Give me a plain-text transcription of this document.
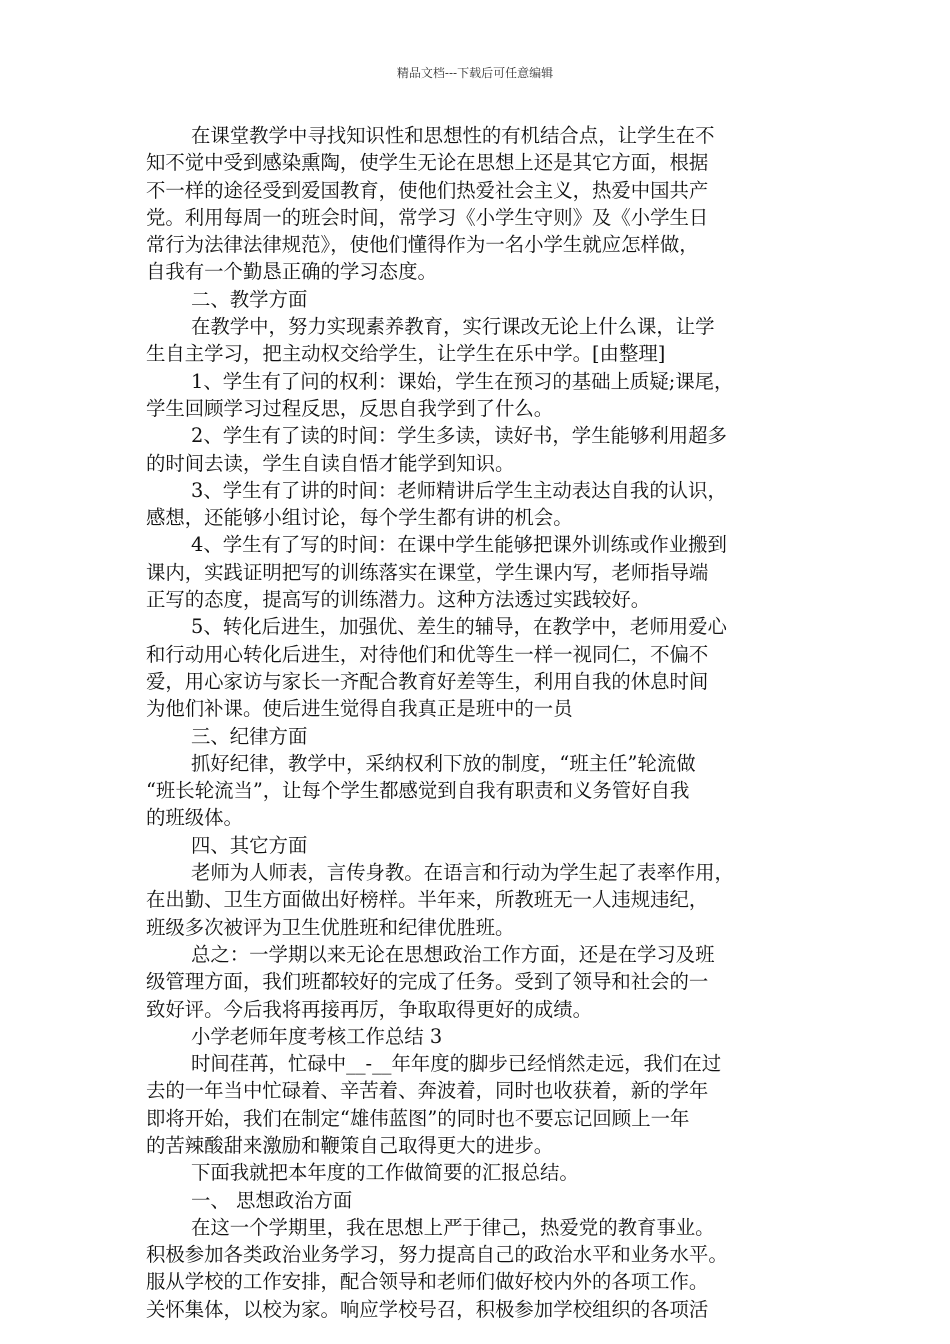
精品文档---下载后可任意编辑
在课堂教学中寻找知识性和思想性的有机结合点，让学生在不
知不觉中受到感染熏陶，使学生无论在思想上还是其它方面，根据
不一样的途径受到爱国教育，使他们热爱社会主义，热爱中国共产
党。利用每周一的班会时间，常学习《小学生守则》及《小学生日
常行为法律法律规范》，使他们懂得作为一名小学生就应怎样做，
自我有一个勤恳正确的学习态度。
二、教学方面
在教学中，努力实现素养教育，实行课改无论上什么课，让学
生自主学习，把主动权交给学生，让学生在乐中学。[由整理]
1、学生有了问的权利：课始，学生在预习的基础上质疑;课尾，
学生回顾学习过程反思，反思自我学到了什么。
2、学生有了读的时间：学生多读，读好书，学生能够利用超多
的时间去读，学生自读自悟才能学到知识。
3、学生有了讲的时间：老师精讲后学生主动表达自我的认识，
感想，还能够小组讨论，每个学生都有讲的机会。
4、学生有了写的时间：在课中学生能够把课外训练或作业搬到
课内，实践证明把写的训练落实在课堂，学生课内写，老师指导端
正写的态度，提高写的训练潜力。这种方法透过实践较好。
5、转化后进生，加强优、差生的辅导，在教学中，老师用爱心
和行动用心转化后进生，对待他们和优等生一样一视同仁，不偏不
爱，用心家访与家长一齐配合教育好差等生，利用自我的休息时间
为他们补课。使后进生觉得自我真正是班中的一员
三、纪律方面
抓好纪律，教学中，采纳权利下放的制度，“班主任”轮流做
“班长轮流当”，让每个学生都感觉到自我有职责和义务管好自我
的班级体。
四、其它方面
老师为人师表，言传身教。在语言和行动为学生起了表率作用，
在出勤、卫生方面做出好榜样。半年来，所教班无一人违规违纪，
班级多次被评为卫生优胜班和纪律优胜班。
总之：一学期以来无论在思想政治工作方面，还是在学习及班
级管理方面，我们班都较好的完成了任务。受到了领导和社会的一
致好评。今后我将再接再厉，争取取得更好的成绩。
小学老师年度考核工作总结 3
时间荏苒，忙碌中__-__年年度的脚步已经悄然走远，我们在过
去的一年当中忙碌着、辛苦着、奔波着，同时也收获着，新的学年
即将开始，我们在制定“雄伟蓝图”的同时也不要忘记回顾上一年
的苦辣酸甜来激励和鞭策自己取得更大的进步。
下面我就把本年度的工作做简要的汇报总结。
一、 思想政治方面
在这一个学期里，我在思想上严于律己，热爱党的教育事业。
积极参加各类政治业务学习，努力提高自己的政治水平和业务水平。
服从学校的工作安排，配合领导和老师们做好校内外的各项工作。
关怀集体，以校为家。响应学校号召，积极参加学校组织的各项活
